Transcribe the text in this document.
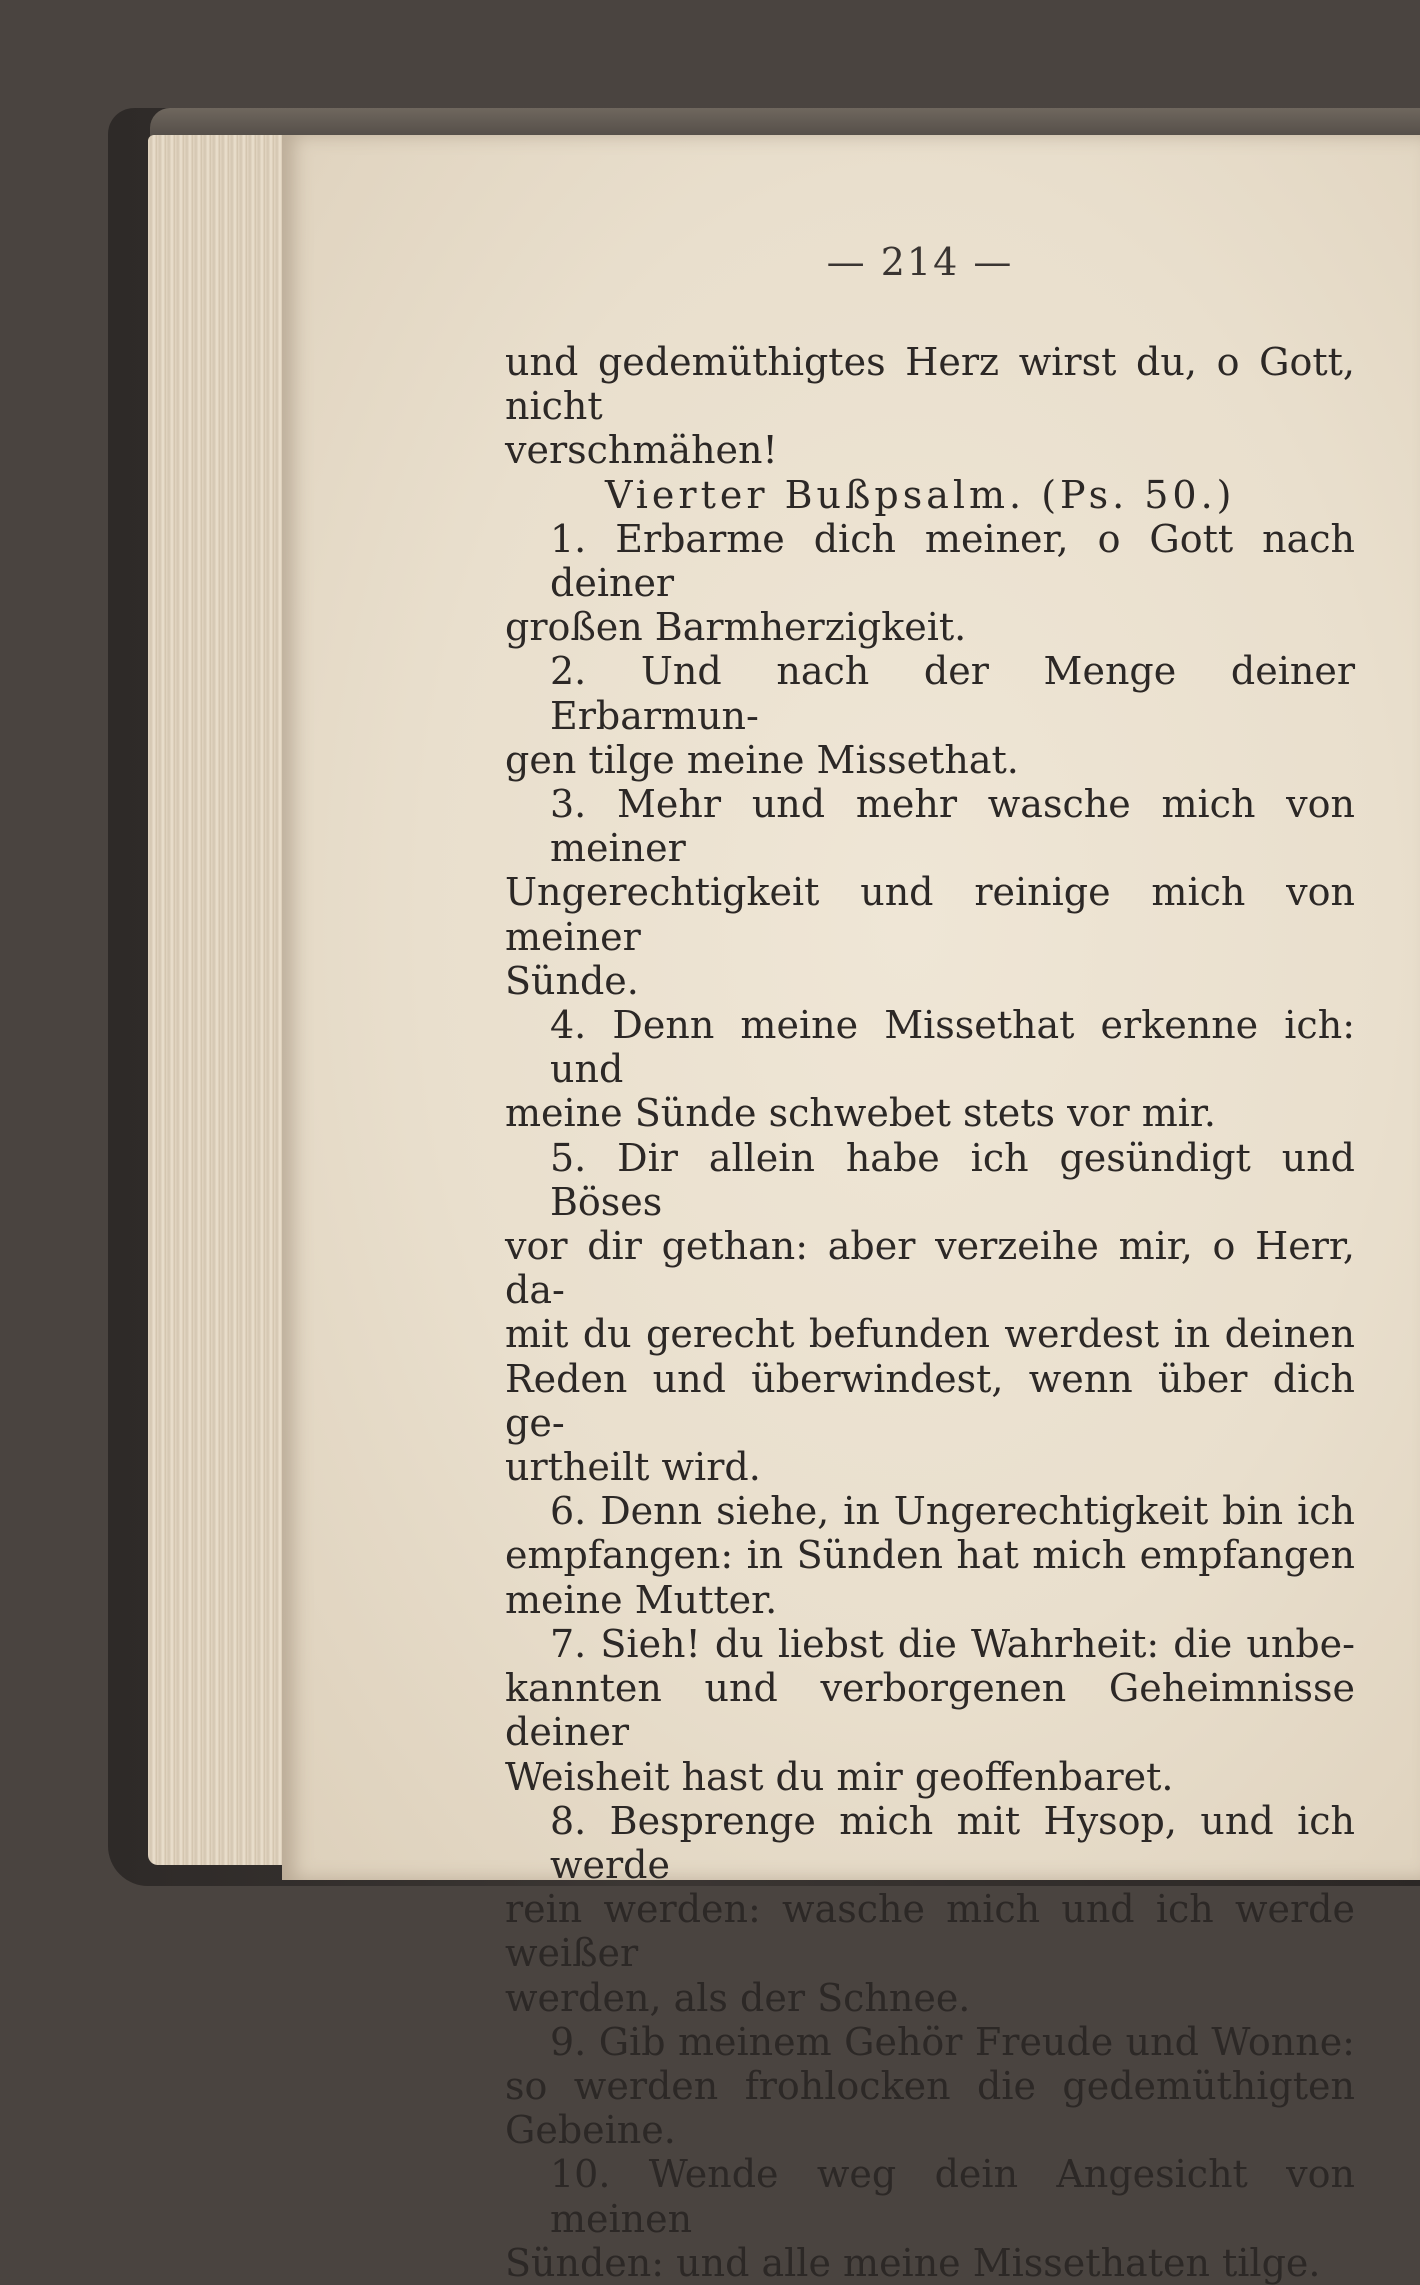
— 214 —
und gedemüthigtes Herz wirst du, o Gott, nicht
verschmähen!
Vierter Bußpsalm. (Ps. 50.)
1. Erbarme dich meiner, o Gott nach deiner
großen Barmherzigkeit.
2. Und nach der Menge deiner Erbarmun-
gen tilge meine Missethat.
3. Mehr und mehr wasche mich von meiner
Ungerechtigkeit und reinige mich von meiner
Sünde.
4. Denn meine Missethat erkenne ich: und
meine Sünde schwebet stets vor mir.
5. Dir allein habe ich gesündigt und Böses
vor dir gethan: aber verzeihe mir, o Herr, da-
mit du gerecht befunden werdest in deinen
Reden und überwindest, wenn über dich ge-
urtheilt wird.
6. Denn siehe, in Ungerechtigkeit bin ich
empfangen: in Sünden hat mich empfangen
meine Mutter.
7. Sieh! du liebst die Wahrheit: die unbe-
kannten und verborgenen Geheimnisse deiner
Weisheit hast du mir geoffenbaret.
8. Besprenge mich mit Hysop, und ich werde
rein werden: wasche mich und ich werde weißer
werden, als der Schnee.
9. Gib meinem Gehör Freude und Wonne:
so werden frohlocken die gedemüthigten Gebeine.
10. Wende weg dein Angesicht von meinen
Sünden: und alle meine Missethaten tilge.
